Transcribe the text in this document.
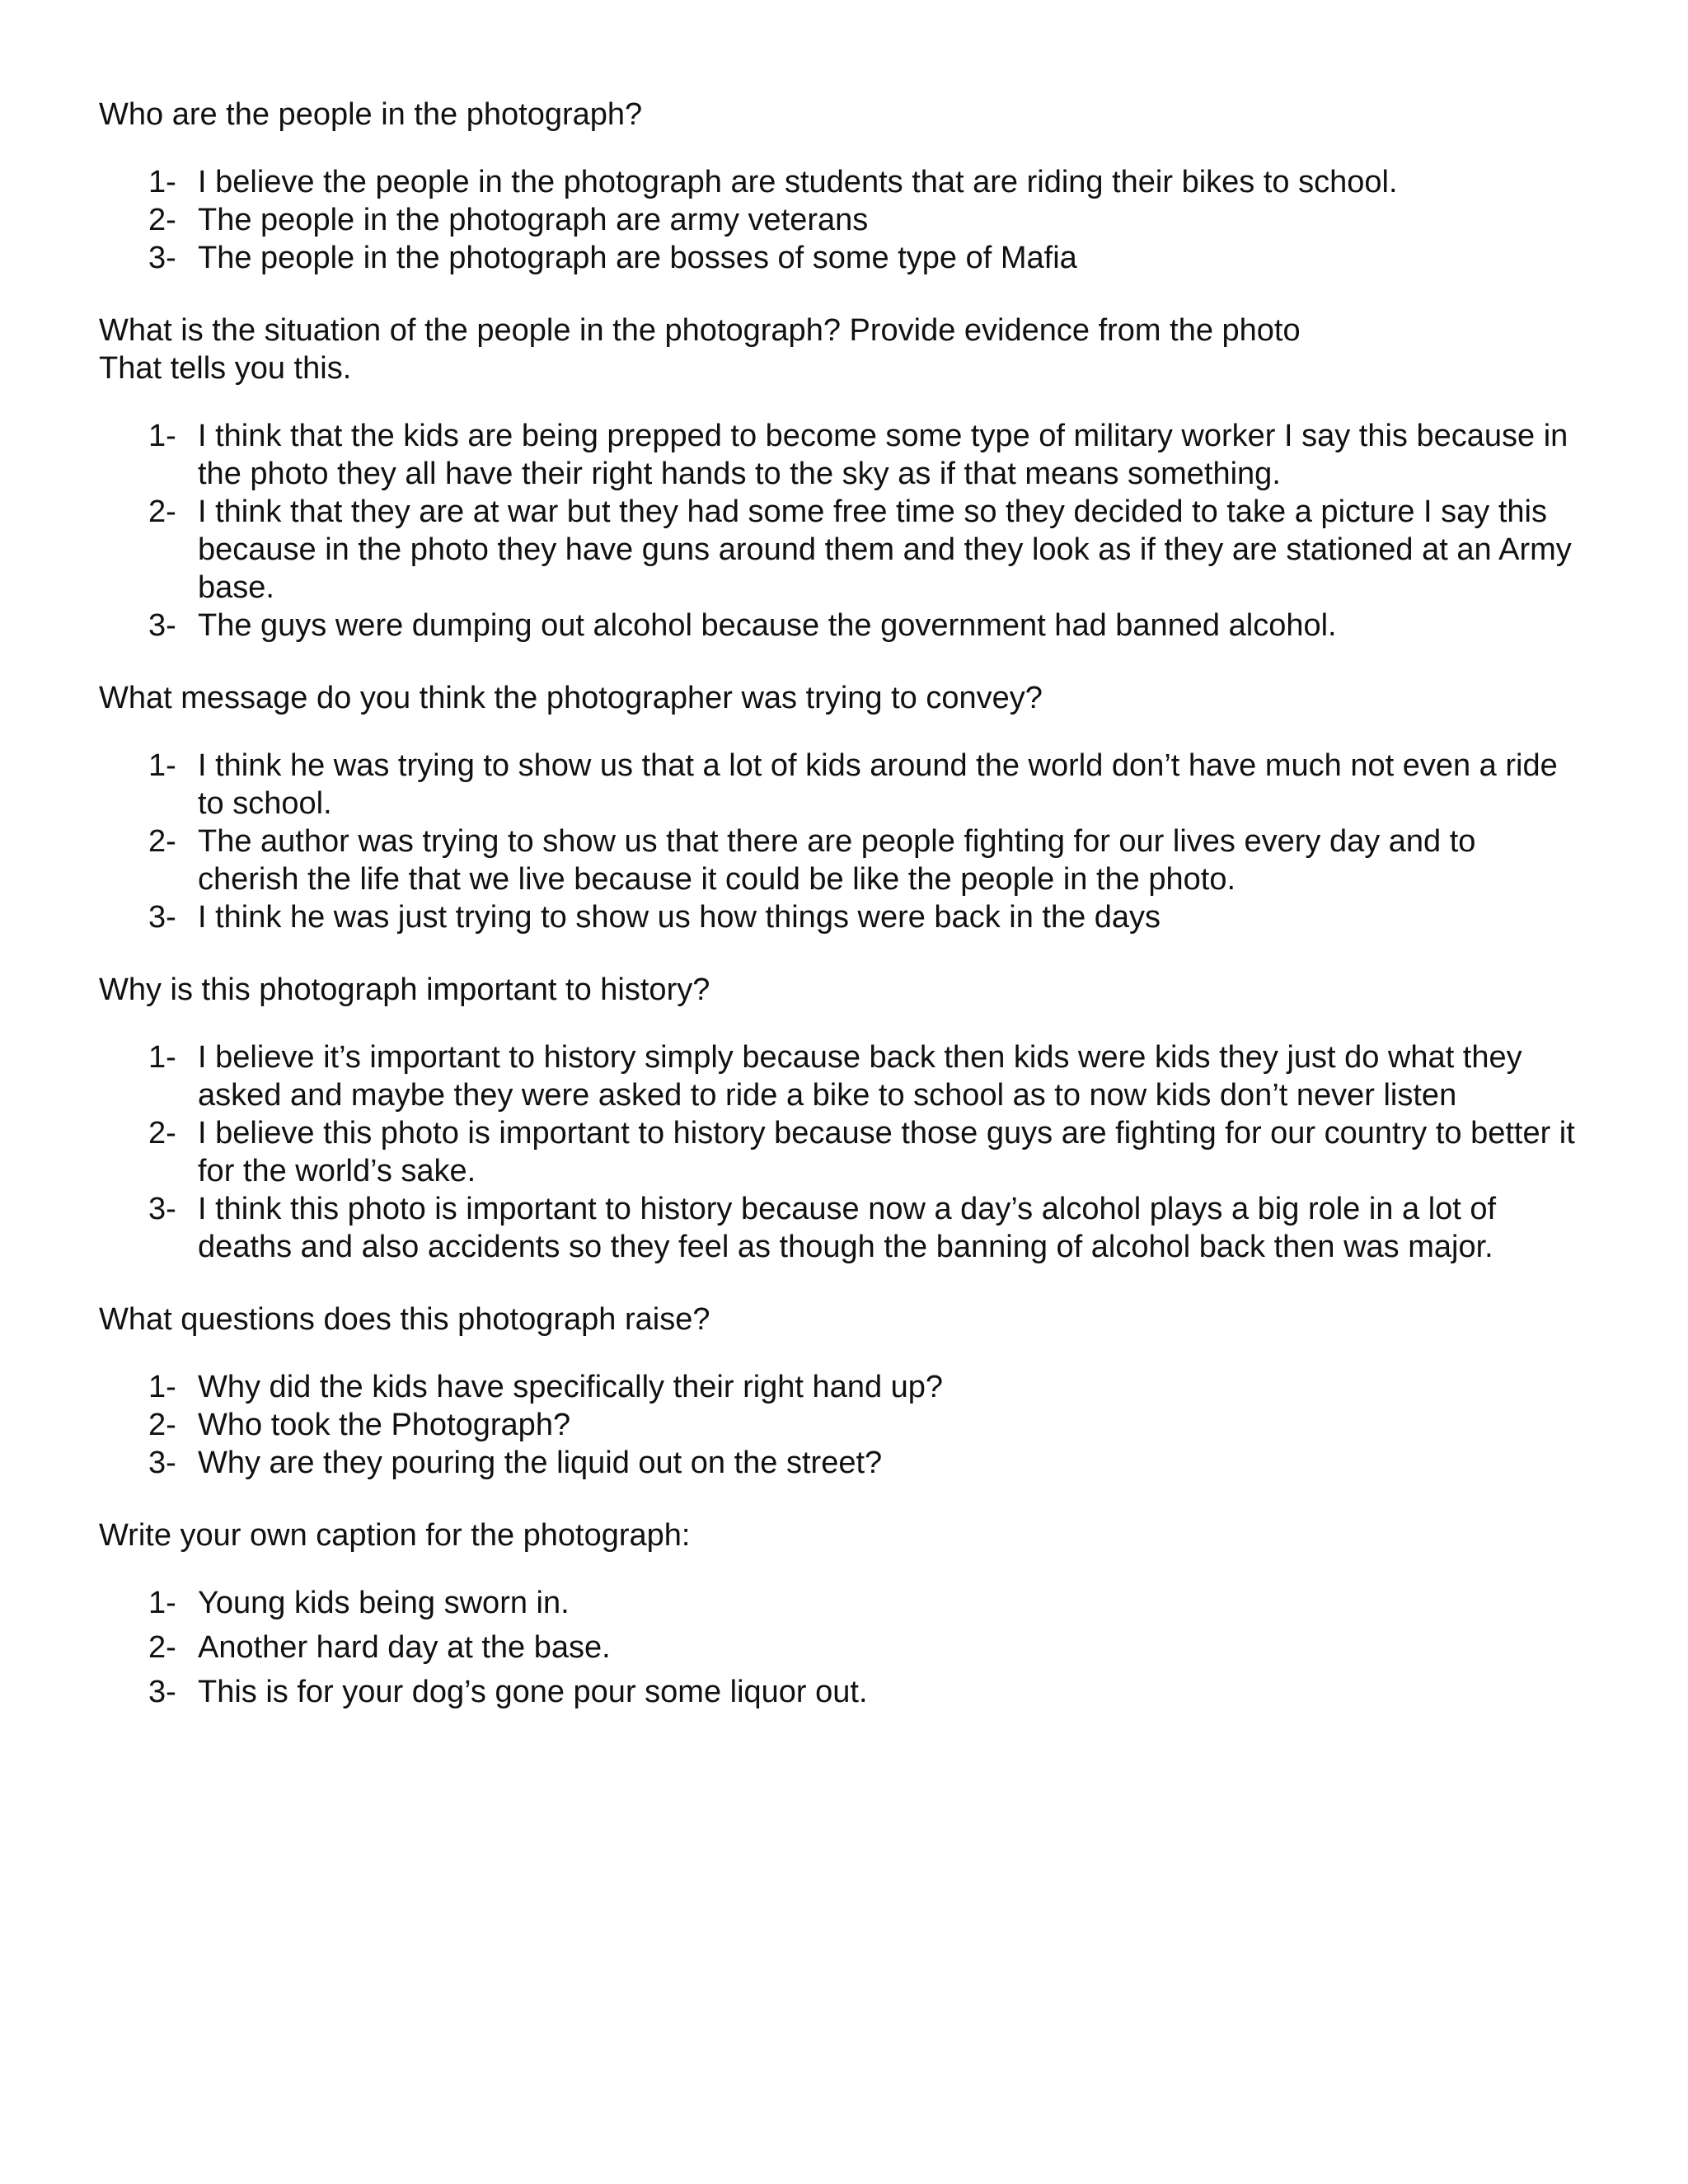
Who are the people in the photograph?

1- I believe the people in the photograph are students that are riding their bikes to school.
2- The people in the photograph are army veterans
3- The people in the photograph are bosses of some type of Mafia

What is the situation of the people in the photograph? Provide evidence from the photo
That tells you this.

1- I think that the kids are being prepped to become some type of military worker I say this because in the photo they all have their right hands to the sky as if that means something.
2- I think that they are at war but they had some free time so they decided to take a picture I say this because in the photo they have guns around them and they look as if they are stationed at an Army base.
3- The guys were dumping out alcohol because the government had banned alcohol.

What message do you think the photographer was trying to convey?

1- I think he was trying to show us that a lot of kids around the world don’t have much not even a ride to school.
2- The author was trying to show us that there are people fighting for our lives every day and to cherish the life that we live because it could be like the people in the photo.
3- I think he was just trying to show us how things were back in the days

Why is this photograph important to history?

1- I believe it’s important to history simply because back then kids were kids they just do what they asked and maybe they were asked to ride a bike to school as to now kids don’t never listen
2- I believe this photo is important to history because those guys are fighting for our country to better it for the world’s sake.
3- I think this photo is important to history because now a day’s alcohol plays a big role in a lot of deaths and also accidents so they feel as though the banning of alcohol back then was major.

What questions does this photograph raise?

1- Why did the kids have specifically their right hand up?
2- Who took the Photograph?
3- Why are they pouring the liquid out on the street?

Write your own caption for the photograph:

1- Young kids being sworn in.
2- Another hard day at the base.
3- This is for your dog’s gone pour some liquor out.
